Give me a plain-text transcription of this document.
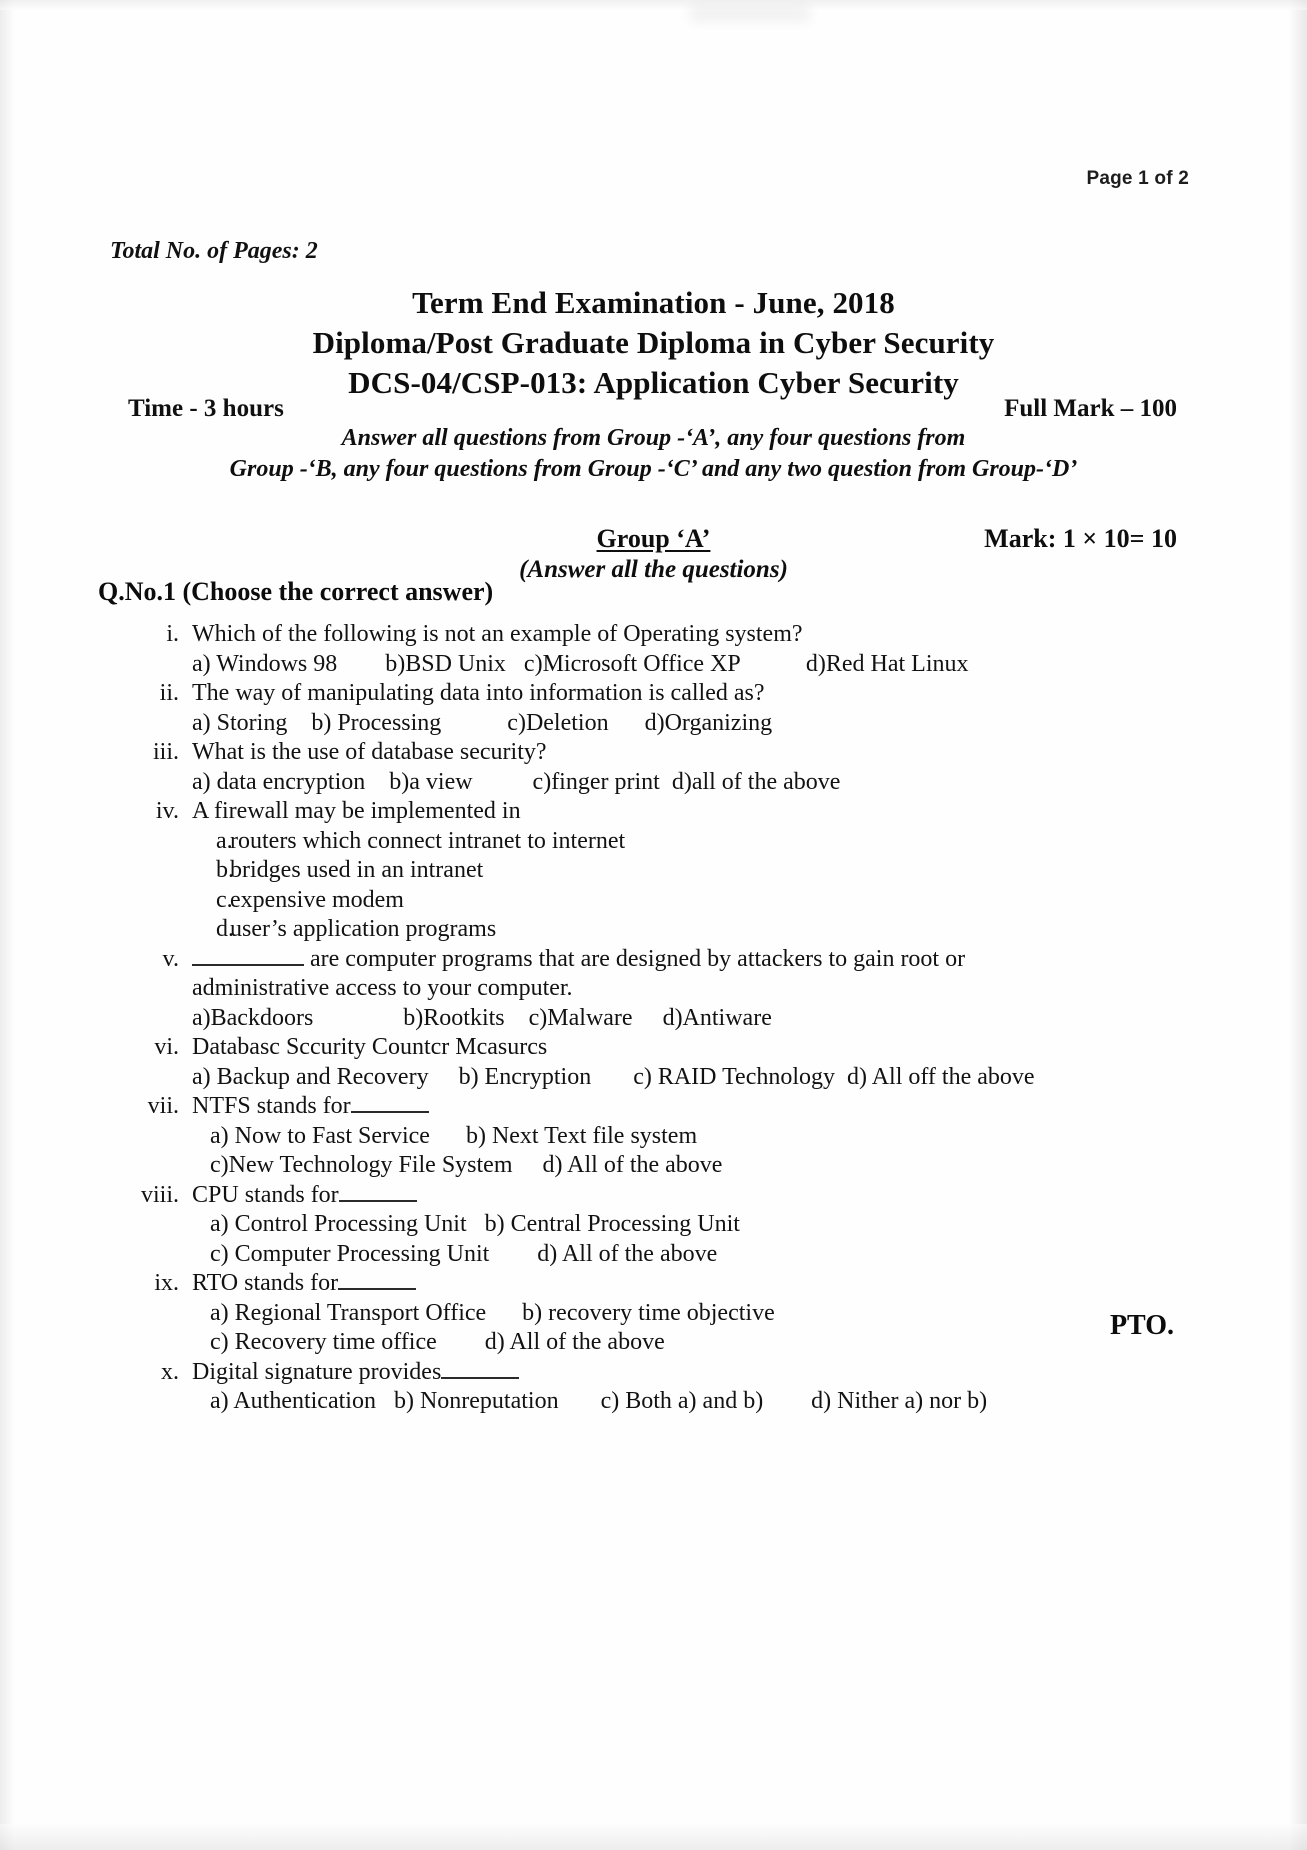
Page 1 of 2
Total No. of Pages: 2
Term End Examination - June, 2018
Diploma/Post Graduate Diploma in Cyber Security
DCS-04/CSP-013: Application Cyber Security
Time - 3 hours	Full Mark – 100
Answer all questions from Group -‘A’, any four questions from
Group -‘B, any four questions from Group -‘C’ and any two question from Group-‘D’
Group ‘A’	Mark: 1 × 10= 10
(Answer all the questions)
Q.No.1 (Choose the correct answer)
i. Which of the following is not an example of Operating system?
a) Windows 98        b)BSD Unix   c)Microsoft Office XP           d)Red Hat Linux
ii. The way of manipulating data into information is called as?
a) Storing    b) Processing           c)Deletion      d)Organizing
iii. What is the use of database security?
a) data encryption    b)a view          c)finger print  d)all of the above
iv. A firewall may be implemented in
a.
routers which connect intranet to internet
b.
bridges used in an intranet
c.
expensive modem
d.
user’s application programs
v.	are computer programs that are designed by attackers to gain root or
administrative access to your computer.
a)Backdoors               b)Rootkits    c)Malware     d)Antiware
vi. Databasc Sccurity Countcr Mcasurcs
a) Backup and Recovery     b) Encryption       c) RAID Technology  d) All off the above
vii. NTFS stands for
a) Now to Fast Service      b) Next Text file system
c)New Technology File System     d) All of the above
viii. CPU stands for
a) Control Processing Unit   b) Central Processing Unit
c) Computer Processing Unit        d) All of the above
ix. RTO stands for
a) Regional Transport Office      b) recovery time objective
c) Recovery time office        d) All of the above
x. Digital signature provides
a) Authentication   b) Nonreputation       c) Both a) and b)        d) Nither a) nor b)
PTO.
